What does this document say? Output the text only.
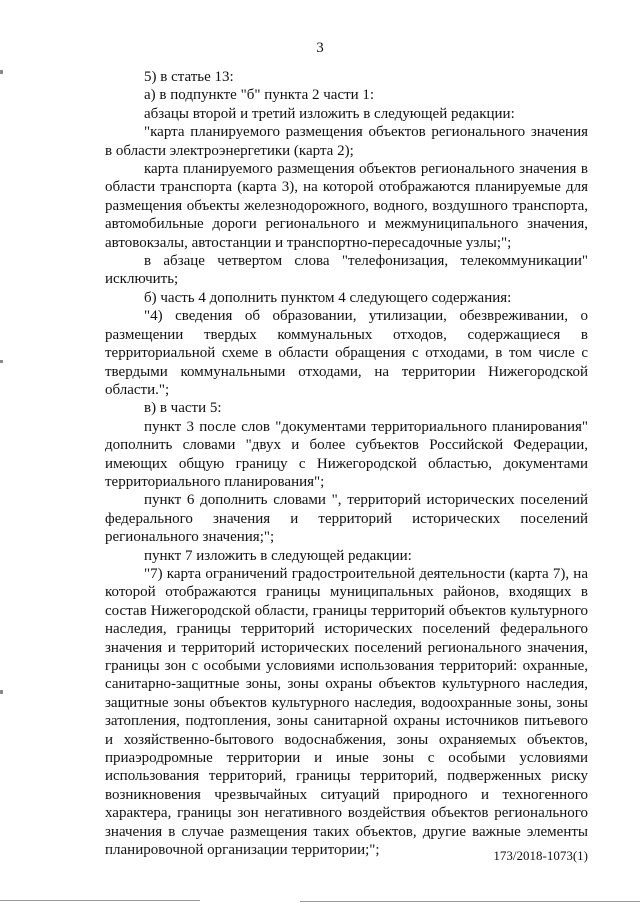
3

5) в статье 13:

а) в подпункте "б" пункта 2 части 1:

абзацы второй и третий изложить в следующей редакции:

"карта планируемого размещения объектов регионального значения в области электроэнергетики (карта 2);

карта планируемого размещения объектов регионального значения в области транспорта (карта 3), на которой отображаются планируемые для размещения объекты железнодорожного, водного, воздушного транспорта, автомобильные дороги регионального и межмуниципального значения, автовокзалы, автостанции и транспортно-пересадочные узлы;";

в абзаце четвертом слова "телефонизация, телекоммуникации" исключить;

б) часть 4 дополнить пунктом 4 следующего содержания:

"4) сведения об образовании, утилизации, обезвреживании, о размещении твердых коммунальных отходов, содержащиеся в территориальной схеме в области обращения с отходами, в том числе с твердыми коммунальными отходами, на территории Нижегородской области.";

в) в части 5:

пункт 3 после слов "документами территориального планирования" дополнить словами "двух и более субъектов Российской Федерации, имеющих общую границу с Нижегородской областью, документами территориального планирования";

пункт 6 дополнить словами ", территорий исторических поселений федерального значения и территорий исторических поселений регионального значения;";

пункт 7 изложить в следующей редакции:

"7) карта ограничений градостроительной деятельности (карта 7), на которой отображаются границы муниципальных районов, входящих в состав Нижегородской области, границы территорий объектов культурного наследия, границы территорий исторических поселений федерального значения и территорий исторических поселений регионального значения, границы зон с особыми условиями использования территорий: охранные, санитарно-защитные зоны, зоны охраны объектов культурного наследия, защитные зоны объектов культурного наследия, водоохранные зоны, зоны затопления, подтопления, зоны санитарной охраны источников питьевого и хозяйственно-бытового водоснабжения, зоны охраняемых объектов, приаэродромные территории и иные зоны с особыми условиями использования территорий, границы территорий, подверженных риску возникновения чрезвычайных ситуаций природного и техногенного характера, границы зон негативного воздействия объектов регионального значения в случае размещения таких объектов, другие важные элементы планировочной организации территории;";	173/2018-1073(1)
